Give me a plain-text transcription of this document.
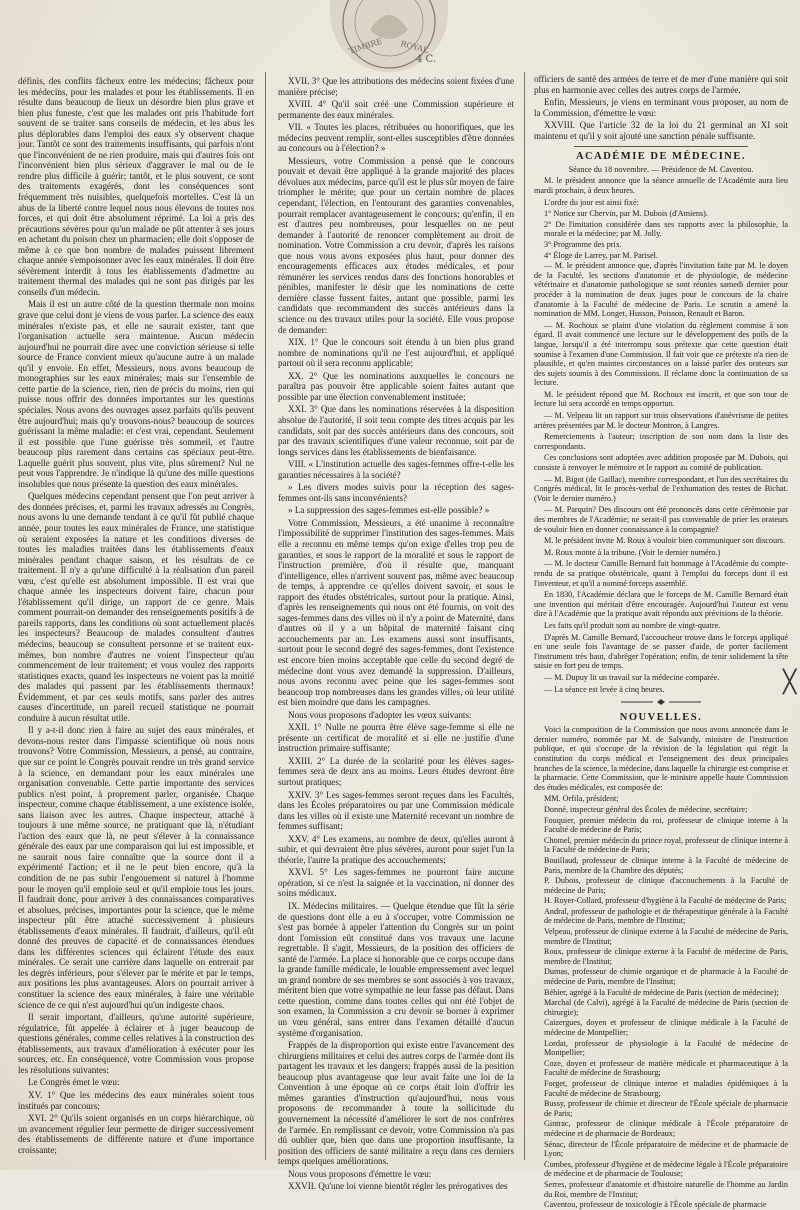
TIMBRE ROYAL
4 C.

définis, des conflits fâcheux entre les médecins; fâcheux pour les médecins, pour les malades et pour les établissements. Il en résulte dans beaucoup de lieux un désordre bien plus grave et bien plus funeste, c'est que les malades ont pris l'habitude fort souvent de se traiter sans conseils de médecin, et les abus les plus déplorables dans l'emploi des eaux s'y observent chaque jour. Tantôt ce sont des traitements insuffisants, qui parfois n'ont que l'inconvénient de ne rien produire, mais qui d'autres fois ont l'inconvénient bien plus sérieux d'aggraver le mal ou de le rendre plus difficile à guérir; tantôt, et le plus souvent, ce sont des traitements exagérés, dont les conséquences sont fréquemment très nuisibles, quelquefois mortelles. C'est là un abus de la liberté contre lequel nous nous élevons de toutes nos forces, et qui doit être absolument réprimé. La loi a pris des précautions sévères pour qu'un malade ne pût attenter à ses jours en achetant du poison chez un pharmacien; elle doit s'opposer de même à ce que bon nombre de malades puissent librement chaque année s'empoisonner avec les eaux minérales. Il doit être sévèrement interdit à tous les établissements d'admettre au traitement thermal des malades qui ne sont pas dirigés par les conseils d'un médecin.

Mais il est un autre côté de la question thermale non moins grave que celui dont je viens de vous parler. La science des eaux minérales n'existe pas, et elle ne saurait exister, tant que l'organisation actuelle sera maintenue. Aucun médecin aujourd'hui ne pourrait dire avec une conviction sérieuse si telle source de France convient mieux qu'aucune autre à un malade qu'il y envoie. En effet, Messieurs, nous avons beaucoup de monographies sur les eaux minérales; mais sur l'ensemble de cette partie de la science, rien, rien de précis du moins, rien qui puisse nous offrir des données importantes sur les questions spéciales. Nous avons des ouvrages assez parfaits qu'ils peuvent être aujourd'hui; mais qu'y trouvons-nous? beaucoup de sources guérissant la même maladie: et c'est vrai, cependant. Seulement il est possible que l'une guérisse très sommeil, et l'autre beaucoup plus rarement dans certains cas spéciaux peut-être. Laquelle guérit plus souvent, plus vite, plus sûrement? Nul ne peut vous l'apprendre. Je n'indique là qu'une des mille questions insolubles que nous présente la question des eaux minérales.

Quelques médecins cependant pensent que l'on peut arriver à des données précises, et, parmi les travaux adressés au Congrès, nous avons lu une demande tendant à ce qu'il fût publié chaque année, pour toutes les eaux minérales de France, une statistique où seraient exposées la nature et les conditions diverses de toutes les maladies traitées dans les établissements d'eaux minérales pendant chaque saison, et les résultats de ce traitement. Il n'y a qu'une difficulté à la réalisation d'un pareil vœu, c'est qu'elle est absolument impossible. Il est vrai que chaque année les inspecteurs doivent faire, chacun pour l'établissement qu'il dirige, un rapport de ce genre. Mais comment pourrait-on demander des renseignements positifs à de pareils rapports, dans les conditions où sont actuellement placés les inspecteurs? Beaucoup de malades consultent d'autres médecins, beaucoup se consultent personne et se traitent eux-mêmes, bon nombre d'autres ne voient l'inspecteur qu'au commencement de leur traitement; et vous voulez des rapports statistiques exacts, quand les inspecteurs ne voient pas la moitié des malades qui passent par les établissements thermaux! Évidemment, et par ces seuls motifs, sans parler des autres causes d'incertitude, un pareil recueil statistique ne pourrait conduire à aucun résultat utile.

Il y a-t-il donc rien à faire au sujet des eaux minérales, et devons-nous rester dans l'impasse scientifique où nous nous trouvons? Votre Commission, Messieurs, a pensé, au contraire, que sur ce point le Congrès pouvait rendre un très grand service à la science, en demandant pour les eaux minérales une organisation convenable. Cette partie importante des services publics n'est point, à proprement parler, organisée. Chaque inspecteur, comme chaque établissement, a une existence isolée, sans liaison avec les autres. Chaque inspecteur, attaché à toujours à une même source, ne pratiquant que là, n'étudiant l'action des eaux que là, ne peut s'élever à la connaissance générale des eaux par une comparaison qui lui est impossible, et ne saurait nous faire connaître que la source dont il a expérimenté l'action; et il ne le peut bien encore, qu'à la condition de ne pas subir l'engouement si naturel à l'homme pour le moyen qu'il emploie seul et qu'il emploie tous les jours. Il faudrait donc, pour arriver à des connaissances comparatives et absolues, précises, importantes pour la science, que le même inspecteur pût être attaché successivement à plusieurs établissements d'eaux minérales. Il faudrait, d'ailleurs, qu'il eût donné des preuves de capacité et de connaissances étendues dans les différentes sciences qui éclairent l'étude des eaux minérales. Ce serait une carrière dans laquelle on entrerait par les degrés inférieurs, pour s'élever par le mérite et par le temps, aux positions les plus avantageuses. Alors on pourrait arriver à constituer la science des eaux minérales, à faire une véritable science de ce qui n'est aujourd'hui qu'un indigeste chaos.

Il serait important, d'ailleurs, qu'une autorité supérieure, régulatrice, fût appelée à éclairer et à juger beaucoup de questions générales, comme celles relatives à la construction des établissements, aux travaux d'amélioration à exécuter pour les sources, etc. En conséquence, votre Commission vous propose les résolutions suivantes:

Le Congrès émet le vœu:

XV. 1° Que les médecins des eaux minérales soient tous institués par concours;

XVI. 2° Qu'ils soient organisés en un corps hiérarchique, où un avancement régulier leur permette de diriger successivement des établissements de différente nature et d'une importance croissante;

XVII. 3° Que les attributions des médecins soient fixées d'une manière précise;

XVIII. 4° Qu'il soit créé une Commission supérieure et permanente des eaux minérales.

VII. « Toutes les places, rétribuées ou honorifiques, que les médecins peuvent remplir, sont-elles susceptibles d'être données au concours ou à l'élection? »

Messieurs, votre Commission a pensé que le concours pouvait et devait être appliqué à la grande majorité des places dévolues aux médecins, parce qu'il est le plus sûr moyen de faire triompher le mérite; que pour un certain nombre de places cependant, l'élection, en l'entourant des garanties convenables, pourrait remplacer avantageusement le concours; qu'enfin, il en est d'autres peu nombreuses, pour lesquelles on ne peut demander à l'autorité de renoncer complètement au droit de nomination. Votre Commission a cru devoir, d'après les raisons que nous vous avons exposées plus haut, pour donner des encouragements efficaces aux études médicales, et pour rémunérer les services rendus dans des fonctions honorables et pénibles, manifester le désir que les nominations de cette dernière classe fussent faites, autant que possible, parmi les candidats que recommandent des succès antérieurs dans la science ou des travaux utiles pour la société. Elle vous propose de demander:

XIX. 1° Que le concours soit étendu à un bien plus grand nombre de nominations qu'il ne l'est aujourd'hui, et appliqué partout où il sera reconnu applicable;

XX. 2° Que les nominations auxquelles le concours ne paraîtra pas pouvoir être applicable soient faites autant que possible par une élection convenablement instituée;

XXI. 3° Que dans les nominations réservées à la disposition absolue de l'autorité, il soit tenu compte des titres acquis par les candidats, soit par des succès antérieurs dans des concours, soit par des travaux scientifiques d'une valeur reconnue, soit par de longs services dans les établissements de bienfaisance.

VIII. « L'institution actuelle des sages-femmes offre-t-elle les garanties nécessaires à la société?

» Les divers modes suivis pour la réception des sages-femmes ont-ils sans inconvénients?

» La suppression des sages-femmes est-elle possible? »

Votre Commission, Messieurs, a été unanime à reconnaître l'impossibilité de supprimer l'institution des sages-femmes. Mais elle a reconnu en même temps qu'on exige d'elles trop peu de garanties, et sous le rapport de la moralité et sous le rapport de l'instruction première, d'où il résulte que, manquant d'intelligence, elles n'arrivent souvent pas, même avec beaucoup de temps, à apprendre ce qu'elles doivent savoir, et sous le rapport des études obstétricales, surtout pour la pratique. Ainsi, d'après les renseignements qui nous ont été fournis, on voit des sages-femmes dans des villes où il n'y a point de Maternité, dans d'autres où il y a un hôpital de maternité faisant cinq accouchements par an. Les examens aussi sont insuffisants, surtout pour le second degré des sages-femmes, dont l'existence est encore bien moins acceptable que celle du second degré de médecine dont vous avez demandé la suppression. D'ailleurs, nous avons reconnu avec peine que les sages-femmes sont beaucoup trop nombreuses dans les grandes villes, où leur utilité est bien moindre que dans les campagnes.

Nous vous proposons d'adopter les vœux suivants:

XXII. 1° Nulle ne pourra être élève sage-femme si elle ne présente un certificat de moralité et si elle ne justifie d'une instruction primaire suffisante;

XXIII. 2° La durée de la scolarité pour les élèves sages-femmes sera de deux ans au moins. Leurs études devront être surtout pratiques;

XXIV. 3° Les sages-femmes seront reçues dans les Facultés, dans les Écoles préparatoires ou par une Commission médicale dans les villes où il existe une Maternité recevant un nombre de femmes suffisant;

XXV. 4° Les examens, au nombre de deux, qu'elles auront à subir, et qui devraient être plus sévères, auront pour sujet l'un la théorie, l'autre la pratique des accouchements;

XXVI. 5° Les sages-femmes ne pourront faire aucune opération, si ce n'est la saignée et la vaccination, ni donner des soins médicaux.

IX. Médecins militaires. — Quelque étendue que fût la série de questions dont elle a eu à s'occuper, votre Commission ne s'est pas bornée à appeler l'attention du Congrès sur un point dont l'omission eût constitué dans vos travaux une lacune regrettable. Il s'agit, Messieurs, de la position des officiers de santé de l'armée. La place si honorable que ce corps occupe dans la grande famille médicale, le louable empressement avec lequel un grand nombre de ses membres se sont associés à vos travaux, méritent bien que votre sympathie ne leur fasse pas défaut. Dans cette question, comme dans toutes celles qui ont été l'objet de son examen, la Commission a cru devoir se borner à exprimer un vœu général, sans entrer dans l'examen détaillé d'aucun système d'organisation.

Frappés de la disproportion qui existe entre l'avancement des chirurgiens militaires et celui des autres corps de l'armée dont ils partagent les travaux et les dangers; frappés aussi de la position beaucoup plus avantageuse que leur avait faite une loi de la Convention à une époque où ce corps était loin d'offrir les mêmes garanties d'instruction qu'aujourd'hui, nous vous proposons de recommander à toute la sollicitude du gouvernement la nécessité d'améliorer le sort de nos confrères de l'armée. En remplissant ce devoir, votre Commission n'a pas dû oublier que, bien que dans une proportion insuffisante, la position des officiers de santé militaire a reçu dans ces derniers temps quelques améliorations.

Nous vous proposons d'émettre le vœu:

XXVII. Qu'une loi vienne bientôt régler les prérogatives des

officiers de santé des armées de terre et de mer d'une manière qui soit plus en harmonie avec celles des autres corps de l'armée.

Enfin, Messieurs, je viens en terminant vous proposer, au nom de la Commission, d'émettre le vœu:

XXVIII. Que l'article 32 de la loi du 21 germinal an XI soit maintenu et qu'il y soit ajouté une sanction pénale suffisante.

ACADÉMIE DE MÉDECINE.

Séance du 18 novembre. — Présidence de M. Caventou.

M. le président annonce que la séance annuelle de l'Académie aura lieu mardi prochain, à deux heures.

L'ordre du jour est ainsi fixé:

1° Notice sur Chervin, par M. Dubois (d'Amiens).

2° De l'imitation considérée dans ses rapports avec la philosophie, la morale et la médecine; par M. Jolly.

3° Programme des prix.

4° Éloge de Larrey, par M. Parisel.

— M. le président annonce que, d'après l'invitation faite par M. le doyen de la Faculté, les sections d'anatomie et de physiologie, de médecine vétérinaire et d'anatomie pathologique se sont réunies samedi dernier pour procéder à la nomination de deux juges pour le concours de la chaire d'anatomie à la Faculté de médecine de Paris. Le scrutin a amené la nomination de MM. Longet, Husson, Poisson, Renault et Baron.

— M. Rochoux se plaint d'une violation du règlement commise à son égard. Il avait commencé une lecture sur le développement des poils de la langue, lorsqu'il a été interrompu sous prétexte que cette question était soumise à l'examen d'une Commission. Il fait voir que ce prétexte n'a rien de plausible, et qu'en maintes circonstances on a laissé parler des orateurs sur des sujets soumis à des Commissions. Il réclame donc la continuation de sa lecture.

M. le président répond que M. Rochoux est inscrit, et que son tour de lecture lui sera accordé en temps opportun.

— M. Velpeau lit un rapport sur trois observations d'anévrisme de petites artères présentées par M. le docteur Montron, à Langres.

Remerciements à l'auteur; inscription de son nom dans la liste des correspondants.

Ces conclusions sont adoptées avec addition proposée par M. Dubois, qui consiste à renvoyer le mémoire et le rapport au comité de publication.

— M. Bigot (de Gaillac), membre correspondant, et l'un des secrétaires du Congrès médical, lit le procès-verbal de l'exhumation des restes de Bichat. (Voir le dernier numéro.)

— M. Parquin? Des discours ont été prononcés dans cette cérémonie par des membres de l'Académie; ne serait-il pas convenable de prier les orateurs de vouloir bien en donner connaissance à la compagnie?

M. le président invite M. Roux à vouloir bien communiquer son discours.

M. Roux monte à la tribune. (Voir le dernier numéro.)

— M. le docteur Camille Bernard fait hommage à l'Académie du compte-rendu de sa pratique obstétricale, quant à l'emploi du forceps dont il est l'inventeur, et qu'il a nommé forceps assemblé.

En 1830, l'Académie déclara que le forceps de M. Camille Bernard était une invention qui méritait d'être encouragée. Aujourd'hui l'auteur est venu dire à l'Académie que la pratique avait répondu aux prévisions de la théorie.

Les faits qu'il produit sont au nombre de vingt-quatre.

D'après M. Camille Bernard, l'accoucheur trouve dans le forceps appliqué en une seule fois l'avantage de se passer d'aide, de porter facilement l'instrument très haut, d'abréger l'opération; enfin, de tenir solidement la tête saisie en fort peu de temps.

— M. Dupuy lit un travail sur la médecine comparée.

— La séance est levée à cinq heures.

NOUVELLES.

Voici la composition de la Commission que nous avons annoncée dans le dernier numéro, nommée par M. de Salvandy, ministre de l'instruction publique, et qui s'occupe de la révision de la législation qui régit la constitution du corps médical et l'enseignement des deux principales branches de la science, la médecine, dans laquelle la chirurgie est comprise et la pharmacie. Cette Commission, que le ministre appelle haute Commission des études médicales, est composée de:

MM. Orfila, président;

Donné, inspecteur général des Écoles de médecine, secrétaire;

Fouquier, premier médecin du roi, professeur de clinique interne à la Faculté de médecine de Paris;

Chomel, premier médecin du prince royal, professeur de clinique interne à la Faculté de médecine de Paris;

Bouillaud, professeur de clinique interne à la Faculté de médecine de Paris, membre de la Chambre des députés;

P. Dubois, professeur de clinique d'accouchements à la Faculté de médecine de Paris;

H. Royer-Collard, professeur d'hygiène à la Faculté de médecine de Paris;

Andral, professeur de pathologie et de thérapeutique générale à la Faculté de médecine de Paris, membre de l'Institut;

Velpeau, professeur de clinique externe à la Faculté de médecine de Paris, membre de l'Institut;

Roux, professeur de clinique externe à la Faculté de médecine de Paris, membre de l'Institut;

Dumas, professeur de chimie organique et de pharmacie à la Faculté de médecine de Paris, membre de l'Institut;

Béhier, agrégé à la Faculté de médecine de Paris (section de médecine);

Marchal (de Calvi), agrégé à la Faculté de médecine de Paris (section de chirurgie);

Caizergues, doyen et professeur de clinique médicale à la Faculté de médecine de Montpellier;

Lordat, professeur de physiologie à la Faculté de médecine de Montpellier;

Coze, doyen et professeur de matière médicale et pharmaceutique à la Faculté de médecine de Strasbourg;

Forget, professeur de clinique interne et maladies épidémiques à la Faculté de médecine de Strasbourg;

Bussy, professeur de chimie et directeur de l'École spéciale de pharmacie de Paris;

Gintrac, professeur de clinique médicale à l'École préparatoire de médecine et de pharmacie de Bordeaux;

Sénac, directeur de l'École préparatoire de médecine et de pharmacie de Lyon;

Combes, professeur d'hygiène et de médecine légale à l'École préparatoire de médecine et de pharmacie de Toulouse;

Serres, professeur d'anatomie et d'histoire naturelle de l'homme au Jardin du Roi, membre de l'Institut;

Caventou, professeur de toxicologie à l'École spéciale de pharmacie

╳
